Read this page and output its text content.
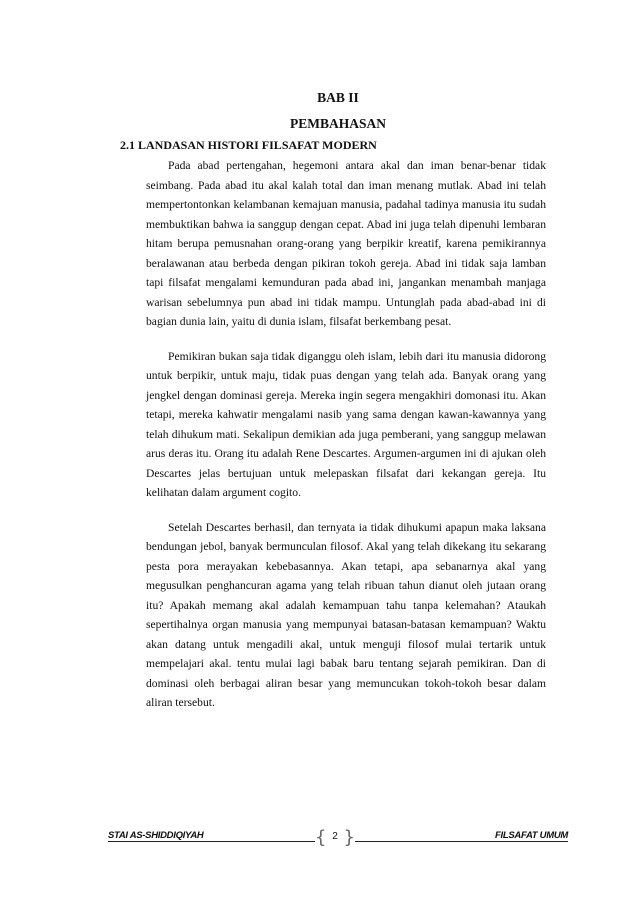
BAB II
PEMBAHASAN
2.1 LANDASAN HISTORI FILSAFAT MODERN

Pada abad pertengahan, hegemoni antara akal dan iman benar-benar tidak seimbang. Pada abad itu akal kalah total dan iman menang mutlak. Abad ini telah mempertontonkan kelambanan kemajuan manusia, padahal tadinya manusia itu sudah membuktikan bahwa ia sanggup dengan cepat. Abad ini juga telah dipenuhi lembaran hitam berupa pemusnahan orang-orang yang berpikir kreatif, karena pemikirannya beralawanan atau berbeda dengan pikiran tokoh gereja. Abad ini tidak saja lamban tapi filsafat mengalami kemunduran pada abad ini, jangankan menambah manjaga warisan sebelumnya pun abad ini tidak mampu. Untunglah pada abad-abad ini di bagian dunia lain, yaitu di dunia islam, filsafat berkembang pesat.

Pemikiran bukan saja tidak diganggu oleh islam, lebih dari itu manusia didorong untuk berpikir, untuk maju, tidak puas dengan yang telah ada. Banyak orang yang jengkel dengan dominasi gereja. Mereka ingin segera mengakhiri domonasi itu. Akan tetapi, mereka kahwatir mengalami nasib yang sama dengan kawan-kawannya yang telah dihukum mati. Sekalipun demikian ada juga pemberani, yang sanggup melawan arus deras itu. Orang itu adalah Rene Descartes. Argumen-argumen ini di ajukan oleh Descartes jelas bertujuan untuk melepaskan filsafat dari kekangan gereja. Itu kelihatan dalam argument cogito.

Setelah Descartes berhasil, dan ternyata ia tidak dihukumi apapun maka laksana bendungan jebol, banyak bermunculan filosof. Akal yang telah dikekang itu sekarang pesta pora merayakan kebebasannya. Akan tetapi, apa sebanarnya akal yang megusulkan penghancuran agama yang telah ribuan tahun dianut oleh jutaan orang itu? Apakah memang akal adalah kemampuan tahu tanpa kelemahan? Ataukah sepertihalnya organ manusia yang mempunyai batasan-batasan kemampuan? Waktu akan datang untuk mengadili akal, untuk menguji filosof mulai tertarik untuk mempelajari akal. tentu mulai lagi babak baru tentang sejarah pemikiran. Dan di dominasi oleh berbagai aliran besar yang memuncukan tokoh-tokoh besar dalam aliran tersebut.

STAI AS-SHIDDIQIYAH	{ 2 }	FILSAFAT UMUM
